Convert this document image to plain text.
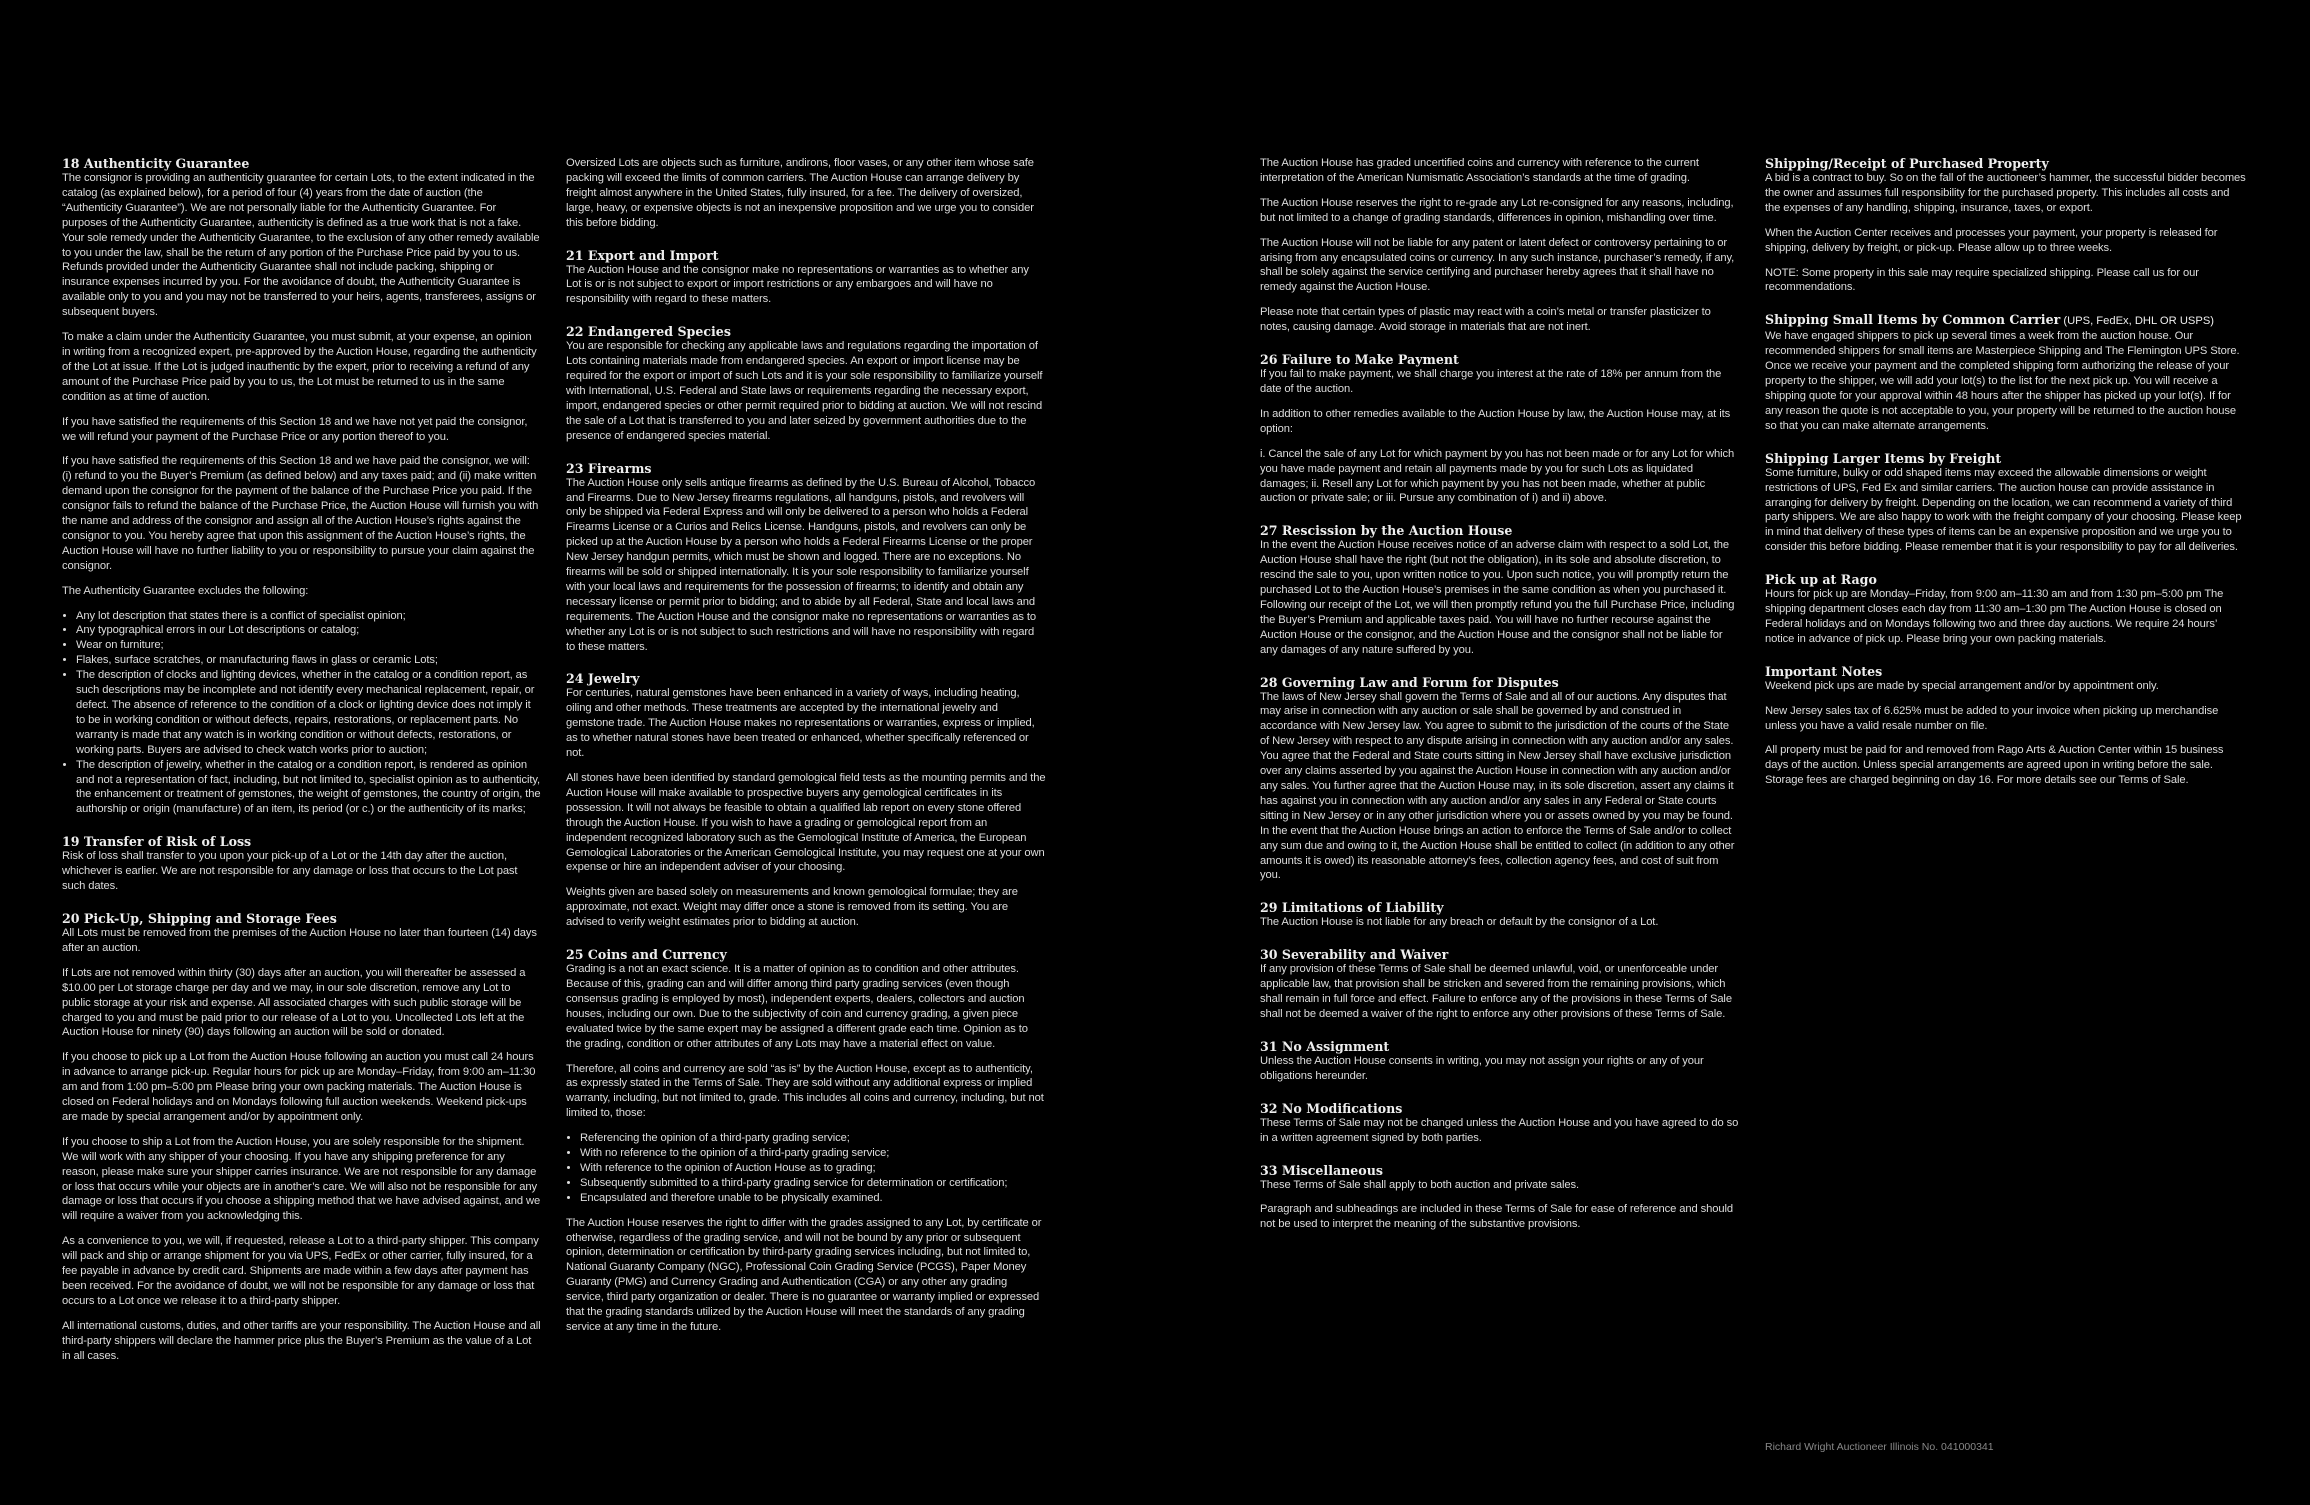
18 Authenticity Guarantee

The consignor is providing an authenticity guarantee for certain Lots, to the extent indicated in the catalog (as explained below), for a period of four (4) years from the date of auction (the “Authenticity Guarantee”). We are not personally liable for the Authenticity Guarantee. For purposes of the Authenticity Guarantee, authenticity is defined as a true work that is not a fake. Your sole remedy under the Authenticity Guarantee, to the exclusion of any other remedy available to you under the law, shall be the return of any portion of the Purchase Price paid by you to us. Refunds provided under the Authenticity Guarantee shall not include packing, shipping or insurance expenses incurred by you. For the avoidance of doubt, the Authenticity Guarantee is available only to you and you may not be transferred to your heirs, agents, transferees, assigns or subsequent buyers.

To make a claim under the Authenticity Guarantee, you must submit, at your expense, an opinion in writing from a recognized expert, pre-approved by the Auction House, regarding the authenticity of the Lot at issue. If the Lot is judged inauthentic by the expert, prior to receiving a refund of any amount of the Purchase Price paid by you to us, the Lot must be returned to us in the same condition as at time of auction.

If you have satisfied the requirements of this Section 18 and we have not yet paid the consignor, we will refund your payment of the Purchase Price or any portion thereof to you.

If you have satisfied the requirements of this Section 18 and we have paid the consignor, we will: (i) refund to you the Buyer’s Premium (as defined below) and any taxes paid; and (ii) make written demand upon the consignor for the payment of the balance of the Purchase Price you paid. If the consignor fails to refund the balance of the Purchase Price, the Auction House will furnish you with the name and address of the consignor and assign all of the Auction House’s rights against the consignor to you. You hereby agree that upon this assignment of the Auction House’s rights, the Auction House will have no further liability to you or responsibility to pursue your claim against the consignor.

The Authenticity Guarantee excludes the following:

• Any lot description that states there is a conflict of specialist opinion;
• Any typographical errors in our Lot descriptions or catalog;
• Wear on furniture;
• Flakes, surface scratches, or manufacturing flaws in glass or ceramic Lots;
• The description of clocks and lighting devices, whether in the catalog or a condition report, as such descriptions may be incomplete and not identify every mechanical replacement, repair, or defect. The absence of reference to the condition of a clock or lighting device does not imply it to be in working condition or without defects, repairs, restorations, or replacement parts. No warranty is made that any watch is in working condition or without defects, restorations, or working parts. Buyers are advised to check watch works prior to auction;
• The description of jewelry, whether in the catalog or a condition report, is rendered as opinion and not a representation of fact, including, but not limited to, specialist opinion as to authenticity, the enhancement or treatment of gemstones, the weight of gemstones, the country of origin, the authorship or origin (manufacture) of an item, its period (or c.) or the authenticity of its marks;
19 Transfer of Risk of Loss

Risk of loss shall transfer to you upon your pick-up of a Lot or the 14th day after the auction, whichever is earlier. We are not responsible for any damage or loss that occurs to the Lot past such dates.

20 Pick-Up, Shipping and Storage Fees

All Lots must be removed from the premises of the Auction House no later than fourteen (14) days after an auction.

If Lots are not removed within thirty (30) days after an auction, you will thereafter be assessed a $10.00 per Lot storage charge per day and we may, in our sole discretion, remove any Lot to public storage at your risk and expense. All associated charges with such public storage will be charged to you and must be paid prior to our release of a Lot to you. Uncollected Lots left at the Auction House for ninety (90) days following an auction will be sold or donated.

If you choose to pick up a Lot from the Auction House following an auction you must call 24 hours in advance to arrange pick-up. Regular hours for pick up are Monday–Friday, from 9:00 am–11:30 am and from 1:00 pm–5:00 pm Please bring your own packing materials. The Auction House is closed on Federal holidays and on Mondays following full auction weekends. Weekend pick-ups are made by special arrangement and/or by appointment only.

If you choose to ship a Lot from the Auction House, you are solely responsible for the shipment. We will work with any shipper of your choosing. If you have any shipping preference for any reason, please make sure your shipper carries insurance. We are not responsible for any damage or loss that occurs while your objects are in another’s care. We will also not be responsible for any damage or loss that occurs if you choose a shipping method that we have advised against, and we will require a waiver from you acknowledging this.

As a convenience to you, we will, if requested, release a Lot to a third-party shipper. This company will pack and ship or arrange shipment for you via UPS, FedEx or other carrier, fully insured, for a fee payable in advance by credit card. Shipments are made within a few days after payment has been received. For the avoidance of doubt, we will not be responsible for any damage or loss that occurs to a Lot once we release it to a third-party shipper.

All international customs, duties, and other tariffs are your responsibility. The Auction House and all third-party shippers will declare the hammer price plus the Buyer’s Premium as the value of a Lot in all cases.

Oversized Lots are objects such as furniture, andirons, floor vases, or any other item whose safe packing will exceed the limits of common carriers. The Auction House can arrange delivery by freight almost anywhere in the United States, fully insured, for a fee. The delivery of oversized, large, heavy, or expensive objects is not an inexpensive proposition and we urge you to consider this before bidding.

21 Export and Import

The Auction House and the consignor make no representations or warranties as to whether any Lot is or is not subject to export or import restrictions or any embargoes and will have no responsibility with regard to these matters.

22 Endangered Species

You are responsible for checking any applicable laws and regulations regarding the importation of Lots containing materials made from endangered species. An export or import license may be required for the export or import of such Lots and it is your sole responsibility to familiarize yourself with International, U.S. Federal and State laws or requirements regarding the necessary export, import, endangered species or other permit required prior to bidding at auction. We will not rescind the sale of a Lot that is transferred to you and later seized by government authorities due to the presence of endangered species material.

23 Firearms

The Auction House only sells antique firearms as defined by the U.S. Bureau of Alcohol, Tobacco and Firearms. Due to New Jersey firearms regulations, all handguns, pistols, and revolvers will only be shipped via Federal Express and will only be delivered to a person who holds a Federal Firearms License or a Curios and Relics License. Handguns, pistols, and revolvers can only be picked up at the Auction House by a person who holds a Federal Firearms License or the proper New Jersey handgun permits, which must be shown and logged. There are no exceptions. No firearms will be sold or shipped internationally. It is your sole responsibility to familiarize yourself with your local laws and requirements for the possession of firearms; to identify and obtain any necessary license or permit prior to bidding; and to abide by all Federal, State and local laws and requirements. The Auction House and the consignor make no representations or warranties as to whether any Lot is or is not subject to such restrictions and will have no responsibility with regard to these matters.

24 Jewelry

For centuries, natural gemstones have been enhanced in a variety of ways, including heating, oiling and other methods. These treatments are accepted by the international jewelry and gemstone trade. The Auction House makes no representations or warranties, express or implied, as to whether natural stones have been treated or enhanced, whether specifically referenced or not.

All stones have been identified by standard gemological field tests as the mounting permits and the Auction House will make available to prospective buyers any gemological certificates in its possession. It will not always be feasible to obtain a qualified lab report on every stone offered through the Auction House. If you wish to have a grading or gemological report from an independent recognized laboratory such as the Gemological Institute of America, the European Gemological Laboratories or the American Gemological Institute, you may request one at your own expense or hire an independent adviser of your choosing.

Weights given are based solely on measurements and known gemological formulae; they are approximate, not exact. Weight may differ once a stone is removed from its setting. You are advised to verify weight estimates prior to bidding at auction.

25 Coins and Currency

Grading is a not an exact science. It is a matter of opinion as to condition and other attributes. Because of this, grading can and will differ among third party grading services (even though consensus grading is employed by most), independent experts, dealers, collectors and auction houses, including our own. Due to the subjectivity of coin and currency grading, a given piece evaluated twice by the same expert may be assigned a different grade each time. Opinion as to the grading, condition or other attributes of any Lots may have a material effect on value.

Therefore, all coins and currency are sold “as is” by the Auction House, except as to authenticity, as expressly stated in the Terms of Sale. They are sold without any additional express or implied warranty, including, but not limited to, grade. This includes all coins and currency, including, but not limited to, those:

• Referencing the opinion of a third-party grading service;
• With no reference to the opinion of a third-party grading service;
• With reference to the opinion of Auction House as to grading;
• Subsequently submitted to a third-party grading service for determination or certification;
• Encapsulated and therefore unable to be physically examined.

The Auction House reserves the right to differ with the grades assigned to any Lot, by certificate or otherwise, regardless of the grading service, and will not be bound by any prior or subsequent opinion, determination or certification by third-party grading services including, but not limited to, National Guaranty Company (NGC), Professional Coin Grading Service (PCGS), Paper Money Guaranty (PMG) and Currency Grading and Authentication (CGA) or any other any grading service, third party organization or dealer. There is no guarantee or warranty implied or expressed that the grading standards utilized by the Auction House will meet the standards of any grading service at any time in the future.

The Auction House has graded uncertified coins and currency with reference to the current interpretation of the American Numismatic Association’s standards at the time of grading.

The Auction House reserves the right to re-grade any Lot re-consigned for any reasons, including, but not limited to a change of grading standards, differences in opinion, mishandling over time.

The Auction House will not be liable for any patent or latent defect or controversy pertaining to or arising from any encapsulated coins or currency. In any such instance, purchaser’s remedy, if any, shall be solely against the service certifying and purchaser hereby agrees that it shall have no remedy against the Auction House.

Please note that certain types of plastic may react with a coin’s metal or transfer plasticizer to notes, causing damage. Avoid storage in materials that are not inert.

26 Failure to Make Payment

If you fail to make payment, we shall charge you interest at the rate of 18% per annum from the date of the auction.

In addition to other remedies available to the Auction House by law, the Auction House may, at its option:

i. Cancel the sale of any Lot for which payment by you has not been made or for any Lot for which you have made payment and retain all payments made by you for such Lots as liquidated damages; ii. Resell any Lot for which payment by you has not been made, whether at public auction or private sale; or iii. Pursue any combination of i) and ii) above.

27 Rescission by the Auction House

In the event the Auction House receives notice of an adverse claim with respect to a sold Lot, the Auction House shall have the right (but not the obligation), in its sole and absolute discretion, to rescind the sale to you, upon written notice to you. Upon such notice, you will promptly return the purchased Lot to the Auction House’s premises in the same condition as when you purchased it. Following our receipt of the Lot, we will then promptly refund you the full Purchase Price, including the Buyer’s Premium and applicable taxes paid. You will have no further recourse against the Auction House or the consignor, and the Auction House and the consignor shall not be liable for any damages of any nature suffered by you.

28 Governing Law and Forum for Disputes

The laws of New Jersey shall govern the Terms of Sale and all of our auctions. Any disputes that may arise in connection with any auction or sale shall be governed by and construed in accordance with New Jersey law. You agree to submit to the jurisdiction of the courts of the State of New Jersey with respect to any dispute arising in connection with any auction and/or any sales. You agree that the Federal and State courts sitting in New Jersey shall have exclusive jurisdiction over any claims asserted by you against the Auction House in connection with any auction and/or any sales. You further agree that the Auction House may, in its sole discretion, assert any claims it has against you in connection with any auction and/or any sales in any Federal or State courts sitting in New Jersey or in any other jurisdiction where you or assets owned by you may be found. In the event that the Auction House brings an action to enforce the Terms of Sale and/or to collect any sum due and owing to it, the Auction House shall be entitled to collect (in addition to any other amounts it is owed) its reasonable attorney’s fees, collection agency fees, and cost of suit from you.

29 Limitations of Liability

The Auction House is not liable for any breach or default by the consignor of a Lot.

30 Severability and Waiver

If any provision of these Terms of Sale shall be deemed unlawful, void, or unenforceable under applicable law, that provision shall be stricken and severed from the remaining provisions, which shall remain in full force and effect. Failure to enforce any of the provisions in these Terms of Sale shall not be deemed a waiver of the right to enforce any other provisions of these Terms of Sale.

31 No Assignment

Unless the Auction House consents in writing, you may not assign your rights or any of your obligations hereunder.

32 No Modifications

These Terms of Sale may not be changed unless the Auction House and you have agreed to do so in a written agreement signed by both parties.

33 Miscellaneous

These Terms of Sale shall apply to both auction and private sales.

Paragraph and subheadings are included in these Terms of Sale for ease of reference and should not be used to interpret the meaning of the substantive provisions.

Shipping/Receipt of Purchased Property

A bid is a contract to buy. So on the fall of the auctioneer’s hammer, the successful bidder becomes the owner and assumes full responsibility for the purchased property. This includes all costs and the expenses of any handling, shipping, insurance, taxes, or export.

When the Auction Center receives and processes your payment, your property is released for shipping, delivery by freight, or pick-up. Please allow up to three weeks.

NOTE: Some property in this sale may require specialized shipping. Please call us for our recommendations.

Shipping Small Items by Common Carrier (UPS, FedEx, DHL OR USPS)

We have engaged shippers to pick up several times a week from the auction house. Our recommended shippers for small items are Masterpiece Shipping and The Flemington UPS Store. Once we receive your payment and the completed shipping form authorizing the release of your property to the shipper, we will add your lot(s) to the list for the next pick up. You will receive a shipping quote for your approval within 48 hours after the shipper has picked up your lot(s). If for any reason the quote is not acceptable to you, your property will be returned to the auction house so that you can make alternate arrangements.

Shipping Larger Items by Freight

Some furniture, bulky or odd shaped items may exceed the allowable dimensions or weight restrictions of UPS, Fed Ex and similar carriers. The auction house can provide assistance in arranging for delivery by freight. Depending on the location, we can recommend a variety of third party shippers. We are also happy to work with the freight company of your choosing. Please keep in mind that delivery of these types of items can be an expensive proposition and we urge you to consider this before bidding. Please remember that it is your responsibility to pay for all deliveries.

Pick up at Rago

Hours for pick up are Monday–Friday, from 9:00 am–11:30 am and from 1:30 pm–5:00 pm The shipping department closes each day from 11:30 am–1:30 pm The Auction House is closed on Federal holidays and on Mondays following two and three day auctions. We require 24 hours’ notice in advance of pick up. Please bring your own packing materials.

Important Notes

Weekend pick ups are made by special arrangement and/or by appointment only.

New Jersey sales tax of 6.625% must be added to your invoice when picking up merchandise unless you have a valid resale number on file.

All property must be paid for and removed from Rago Arts & Auction Center within 15 business days of the auction. Unless special arrangements are agreed upon in writing before the sale. Storage fees are charged beginning on day 16. For more details see our Terms of Sale.

Richard Wright Auctioneer Illinois No. 041000341
